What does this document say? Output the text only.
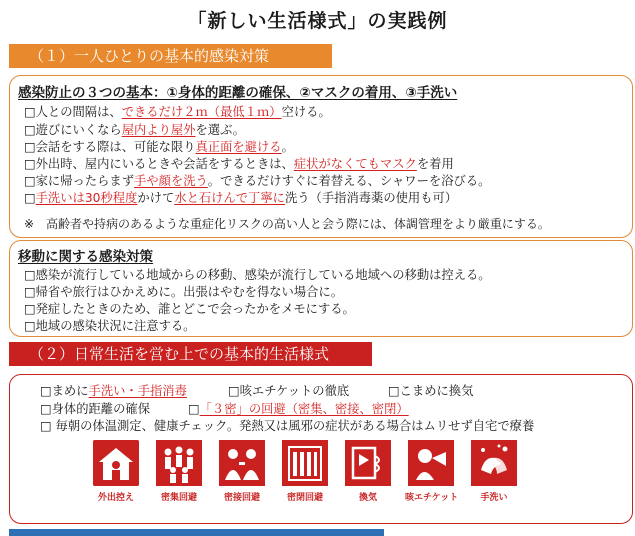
「新しい生活様式」の実践例
（１）一人ひとりの基本的感染対策
感染防止の３つの基本：①身体的距離の確保、②マスクの着用、③手洗い
□人との間隔は、できるだけ２ｍ（最低１ｍ）空ける。
□遊びにいくなら屋内より屋外を選ぶ。
□会話をする際は、可能な限り真正面を避ける。
□外出時、屋内にいるときや会話をするときは、症状がなくてもマスクを着用
□家に帰ったらまず手や顔を洗う。できるだけすぐに着替える、シャワーを浴びる。
□手洗いは30秒程度かけて水と石けんで丁寧に洗う（手指消毒薬の使用も可）
※　高齢者や持病のあるような重症化リスクの高い人と会う際には、体調管理をより厳重にする。
移動に関する感染対策
□感染が流行している地域からの移動、感染が流行している地域への移動は控える。
□帰省や旅行はひかえめに。出張はやむを得ない場合に。
□発症したときのため、誰とどこで会ったかをメモにする。
□地域の感染状況に注意する。
（２）日常生活を営む上での基本的生活様式
□まめに手洗い・手指消毒	□咳エチケットの徹底	□こまめに換気
□身体的距離の確保	□「３密」の回避（密集、密接、密閉）
□ 毎朝の体温測定、健康チェック。発熱又は風邪の症状がある場合はムリせず自宅で療養
外出控え	密集回避	密接回避	密閉回避	換気	咳エチケット	手洗い
